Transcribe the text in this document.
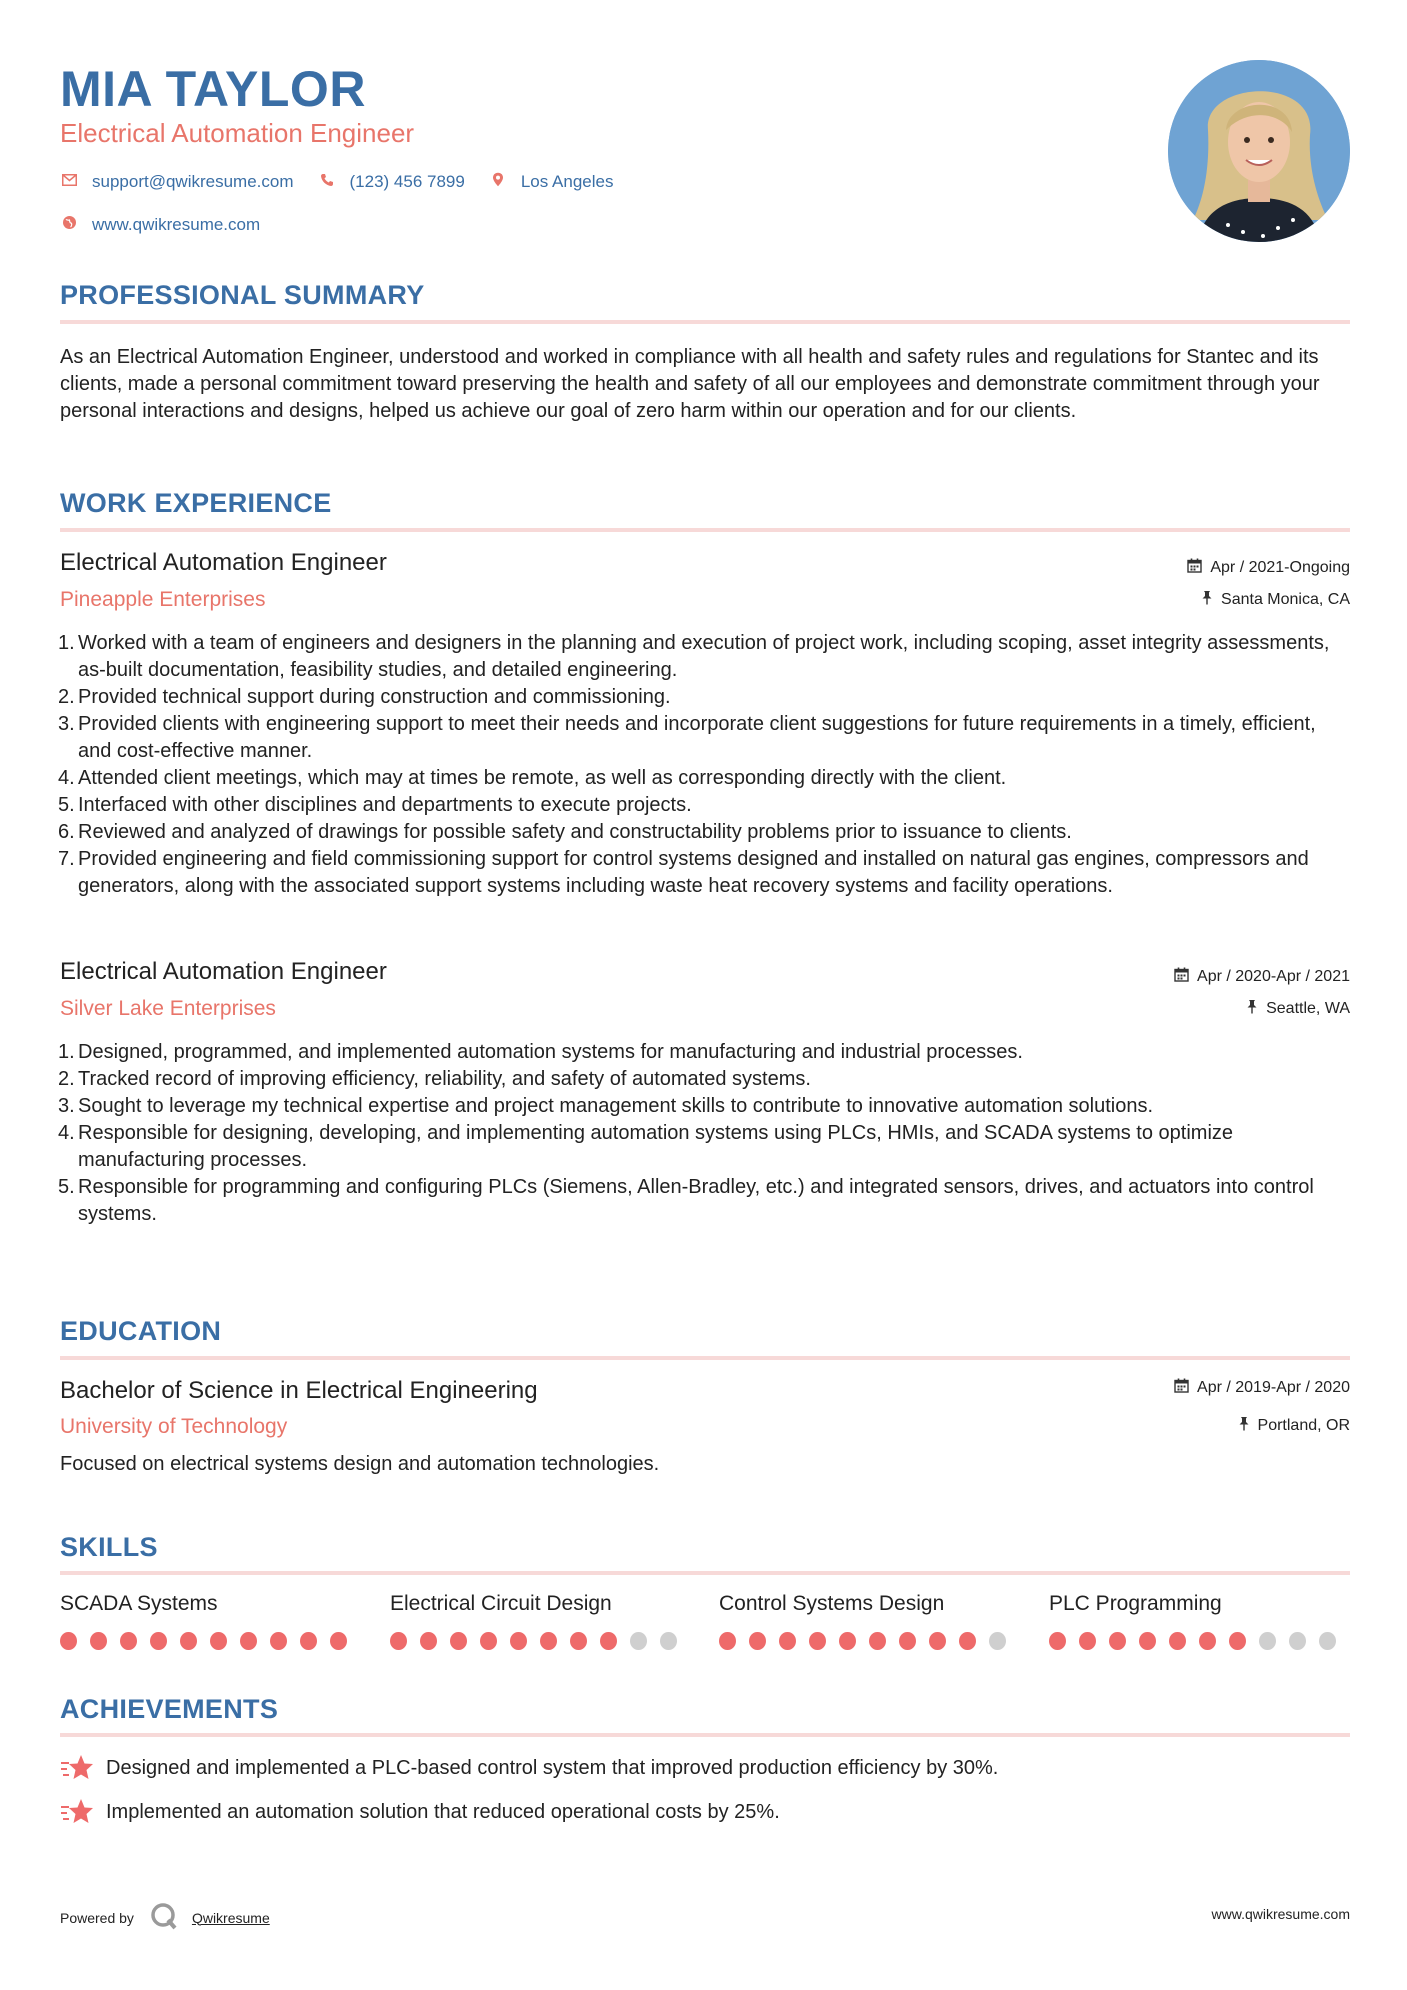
MIA TAYLOR
Electrical Automation Engineer
support@qwikresume.com	(123) 456 7899	Los Angeles
www.qwikresume.com
PROFESSIONAL SUMMARY
As an Electrical Automation Engineer, understood and worked in compliance with all health and safety rules and regulations for Stantec and its clients, made a personal commitment toward preserving the health and safety of all our employees and demonstrate commitment through your personal interactions and designs, helped us achieve our goal of zero harm within our operation and for our clients.
WORK EXPERIENCE
Electrical Automation Engineer	Apr / 2021-Ongoing
Pineapple Enterprises	Santa Monica, CA
1. Worked with a team of engineers and designers in the planning and execution of project work, including scoping, asset integrity assessments, as-built documentation, feasibility studies, and detailed engineering.
2. Provided technical support during construction and commissioning.
3. Provided clients with engineering support to meet their needs and incorporate client suggestions for future requirements in a timely, efficient, and cost-effective manner.
4. Attended client meetings, which may at times be remote, as well as corresponding directly with the client.
5. Interfaced with other disciplines and departments to execute projects.
6. Reviewed and analyzed of drawings for possible safety and constructability problems prior to issuance to clients.
7. Provided engineering and field commissioning support for control systems designed and installed on natural gas engines, compressors and generators, along with the associated support systems including waste heat recovery systems and facility operations.
Electrical Automation Engineer	Apr / 2020-Apr / 2021
Silver Lake Enterprises	Seattle, WA
1. Designed, programmed, and implemented automation systems for manufacturing and industrial processes.
2. Tracked record of improving efficiency, reliability, and safety of automated systems.
3. Sought to leverage my technical expertise and project management skills to contribute to innovative automation solutions.
4. Responsible for designing, developing, and implementing automation systems using PLCs, HMIs, and SCADA systems to optimize manufacturing processes.
5. Responsible for programming and configuring PLCs (Siemens, Allen-Bradley, etc.) and integrated sensors, drives, and actuators into control systems.
EDUCATION
Bachelor of Science in Electrical Engineering	Apr / 2019-Apr / 2020
University of Technology	Portland, OR
Focused on electrical systems design and automation technologies.
SKILLS
SCADA Systems	Electrical Circuit Design	Control Systems Design	PLC Programming
ACHIEVEMENTS
Designed and implemented a PLC-based control system that improved production efficiency by 30%.
Implemented an automation solution that reduced operational costs by 25%.
Powered by	Qwikresume	www.qwikresume.com
